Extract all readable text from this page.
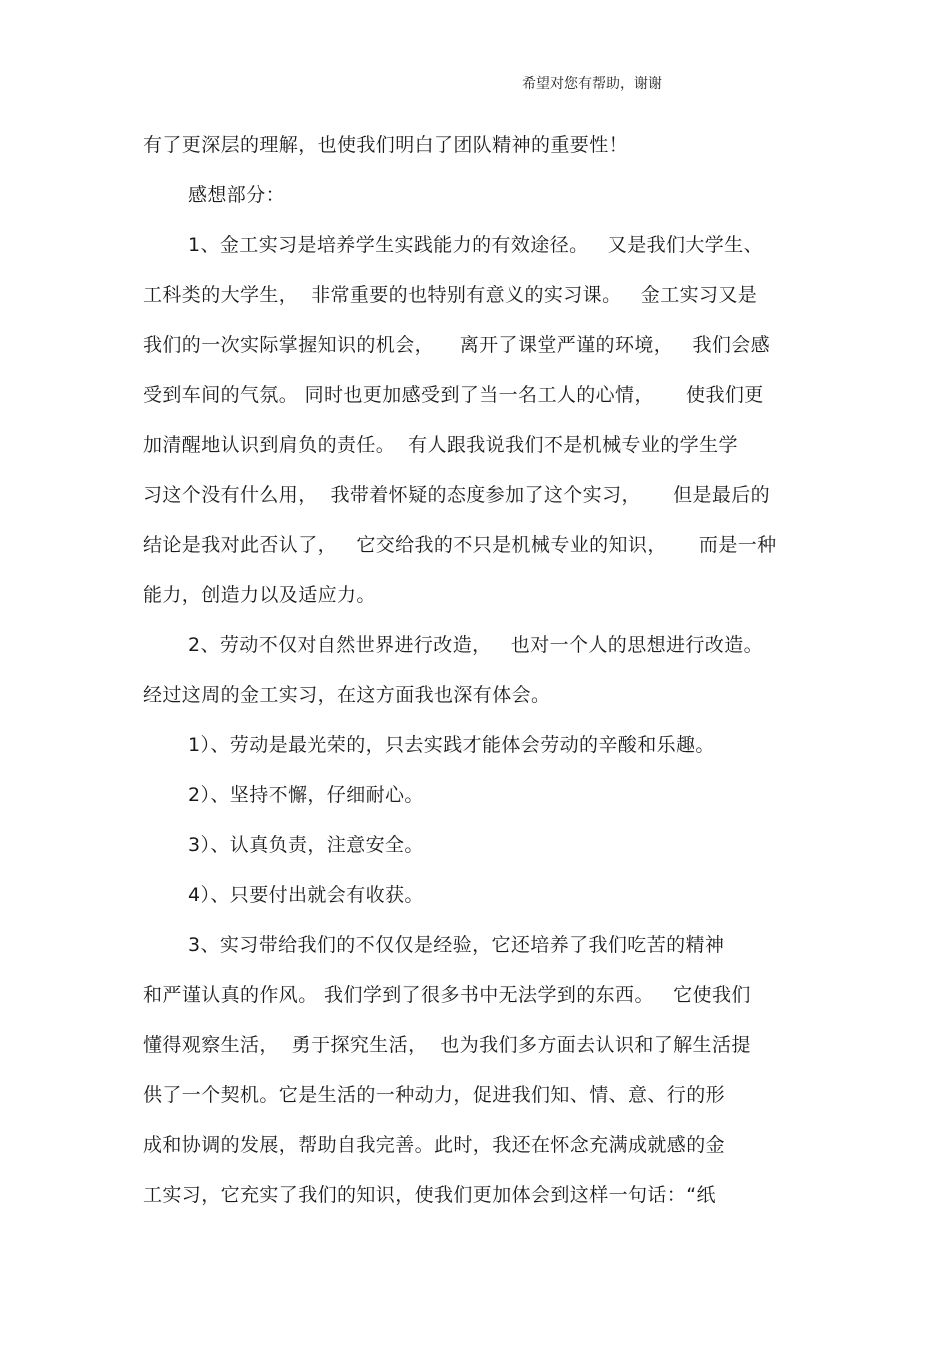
希望对您有帮助，谢谢
有了更深层的理解，也使我们明白了团队精神的重要性！
感想部分：
1、金工实习是培养学生实践能力的有效途径。   又是我们大学生、
工科类的大学生，  非常重要的也特别有意义的实习课。   金工实习又是
我们的一次实际掌握知识的机会，    离开了课堂严谨的环境，   我们会感
受到车间的气氛。 同时也更加感受到了当一名工人的心情，     使我们更
加清醒地认识到肩负的责任。  有人跟我说我们不是机械专业的学生学
习这个没有什么用，  我带着怀疑的态度参加了这个实习，     但是最后的
结论是我对此否认了，   它交给我的不只是机械专业的知识，     而是一种
能力，创造力以及适应力。
2、劳动不仅对自然世界进行改造，   也对一个人的思想进行改造。
经过这周的金工实习，在这方面我也深有体会。
1）、劳动是最光荣的，只去实践才能体会劳动的辛酸和乐趣。
2）、坚持不懈，仔细耐心。
3）、认真负责，注意安全。
4）、只要付出就会有收获。
3、实习带给我们的不仅仅是经验，它还培养了我们吃苦的精神
和严谨认真的作风。 我们学到了很多书中无法学到的东西。   它使我们
懂得观察生活，  勇于探究生活，  也为我们多方面去认识和了解生活提
供了一个契机。它是生活的一种动力，促进我们知、情、意、行的形
成和协调的发展，帮助自我完善。此时，我还在怀念充满成就感的金
工实习，它充实了我们的知识，使我们更加体会到这样一句话：“纸
